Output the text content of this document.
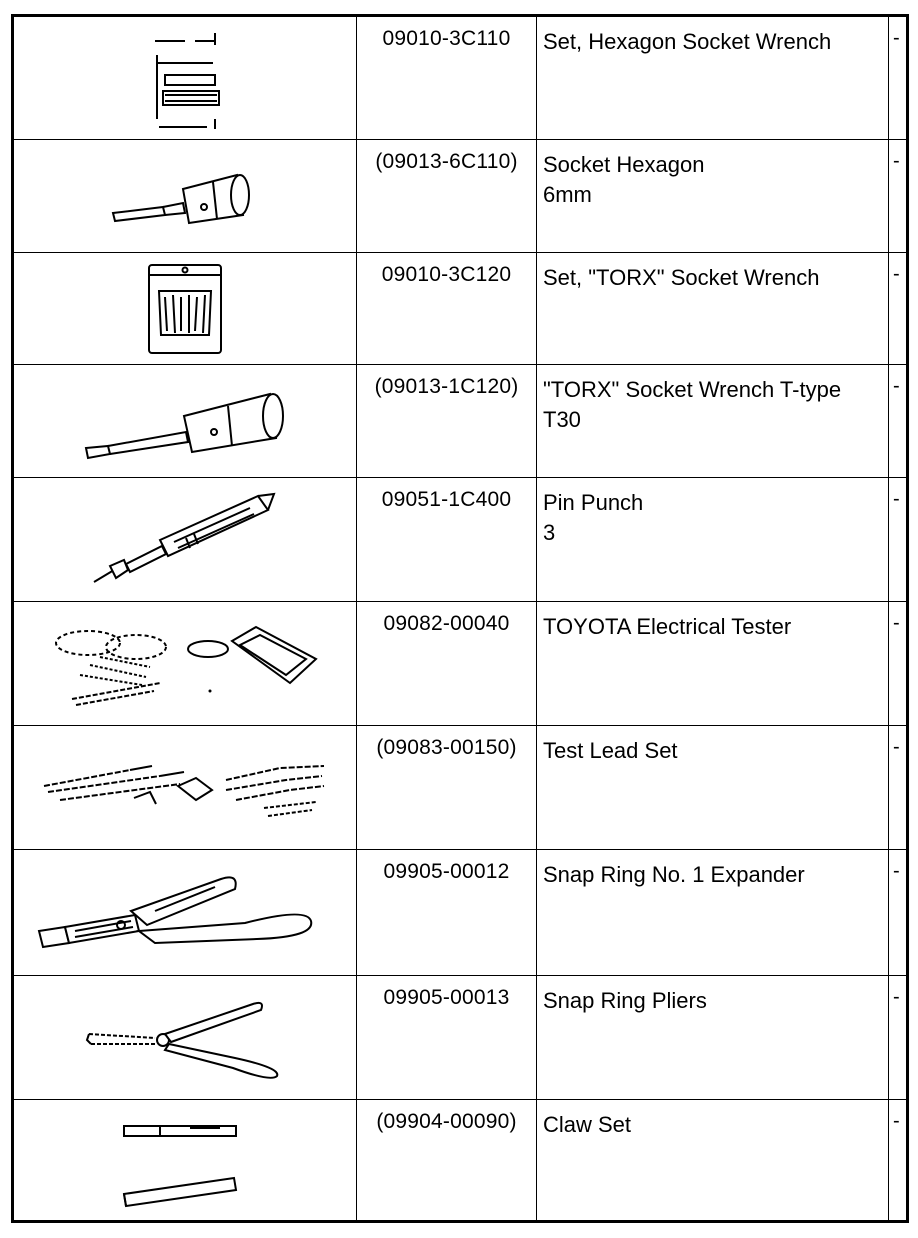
	09010-3C110	Set, Hexagon Socket Wrench	-

	(09013-6C110)	Socket Hexagon
6mm	-

	09010-3C120	Set, "TORX" Socket Wrench	-

	(09013-1C120)	"TORX" Socket Wrench T-type
T30	-

	09051-1C400	Pin Punch
3	-

	09082-00040	TOYOTA Electrical Tester	-

	(09083-00150)	Test Lead Set	-

	09905-00012	Snap Ring No. 1 Expander	-

	09905-00013	Snap Ring Pliers	-

	(09904-00090)	Claw Set	-
